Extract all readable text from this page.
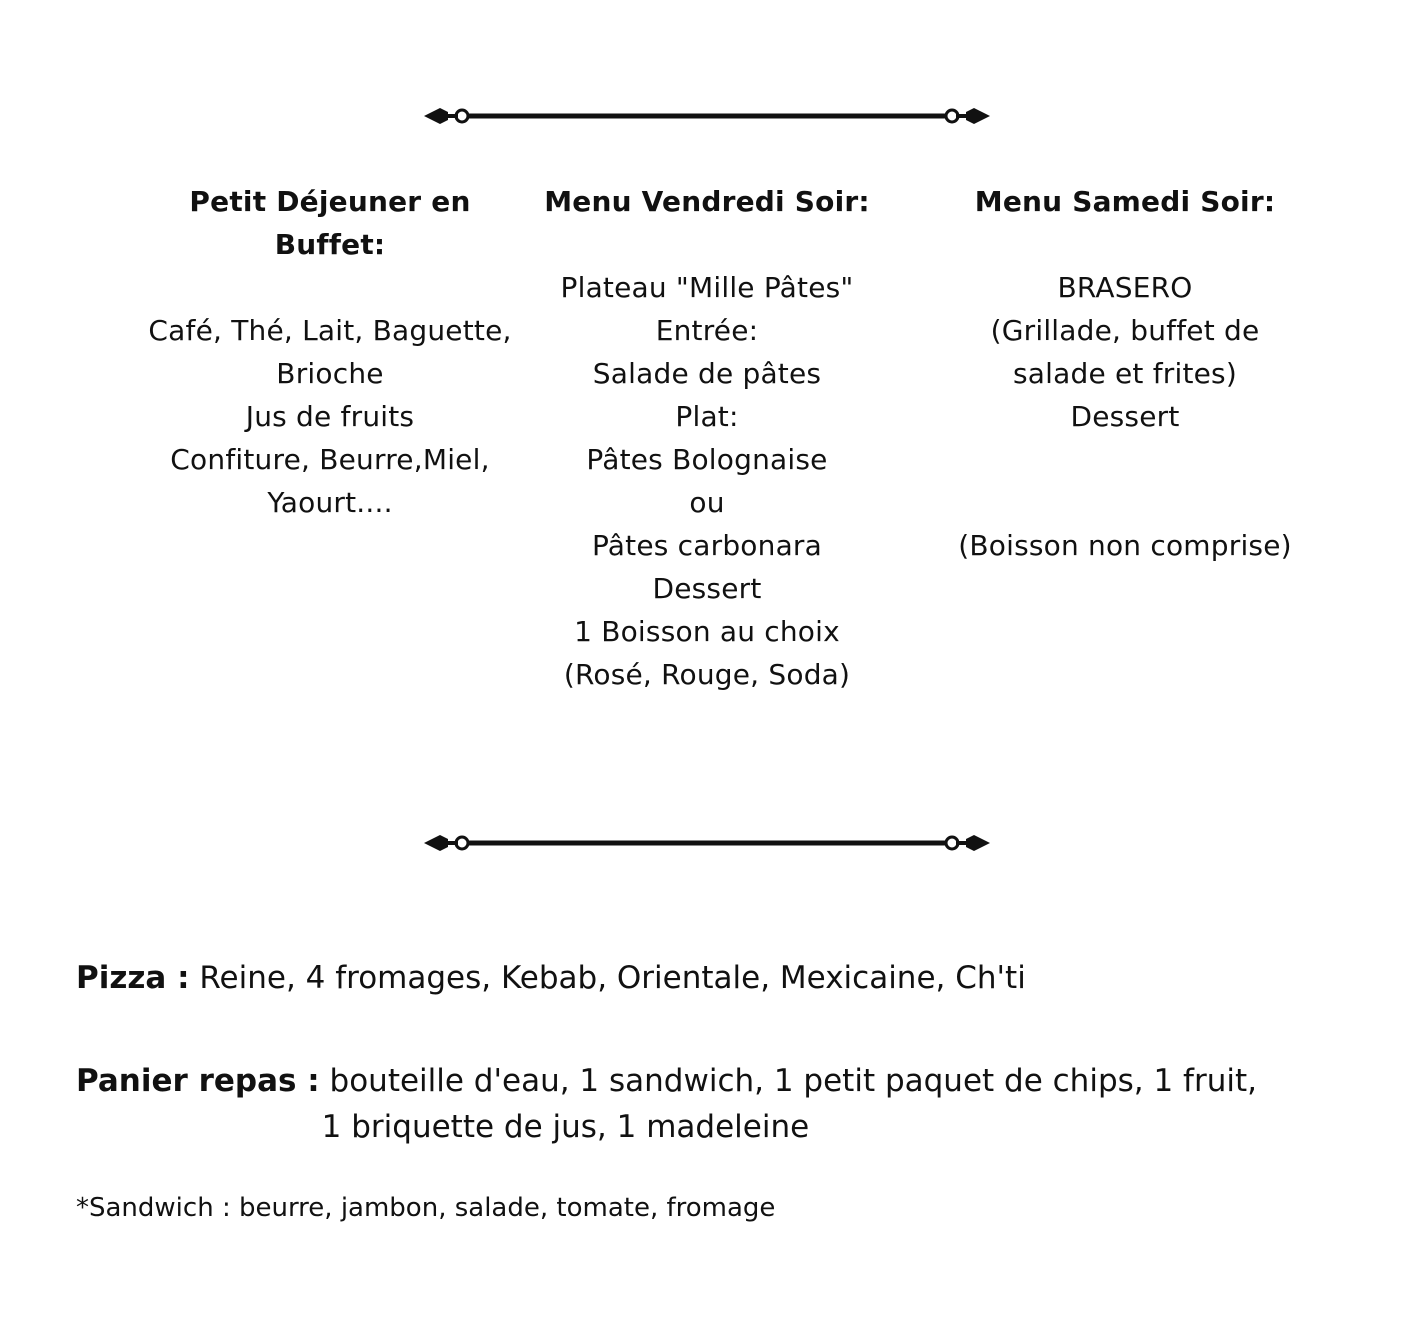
Petit Déjeuner en Buffet:
Café, Thé, Lait, Baguette,
Brioche
Jus de fruits
Confiture, Beurre,Miel,
Yaourt....
Menu Vendredi Soir:
Plateau "Mille Pâtes"
Entrée:
Salade de pâtes
Plat:
Pâtes Bolognaise
ou
Pâtes carbonara
Dessert
1 Boisson au choix
(Rosé, Rouge, Soda)
Menu Samedi Soir:
BRASERO
(Grillade, buffet de
salade et frites)
Dessert
(Boisson non comprise)
Pizza : Reine, 4 fromages, Kebab, Orientale, Mexicaine, Ch'ti
Panier repas : bouteille d'eau, 1 sandwich, 1 petit paquet de chips, 1 fruit,
1 briquette de jus, 1 madeleine
*Sandwich : beurre, jambon, salade, tomate, fromage
